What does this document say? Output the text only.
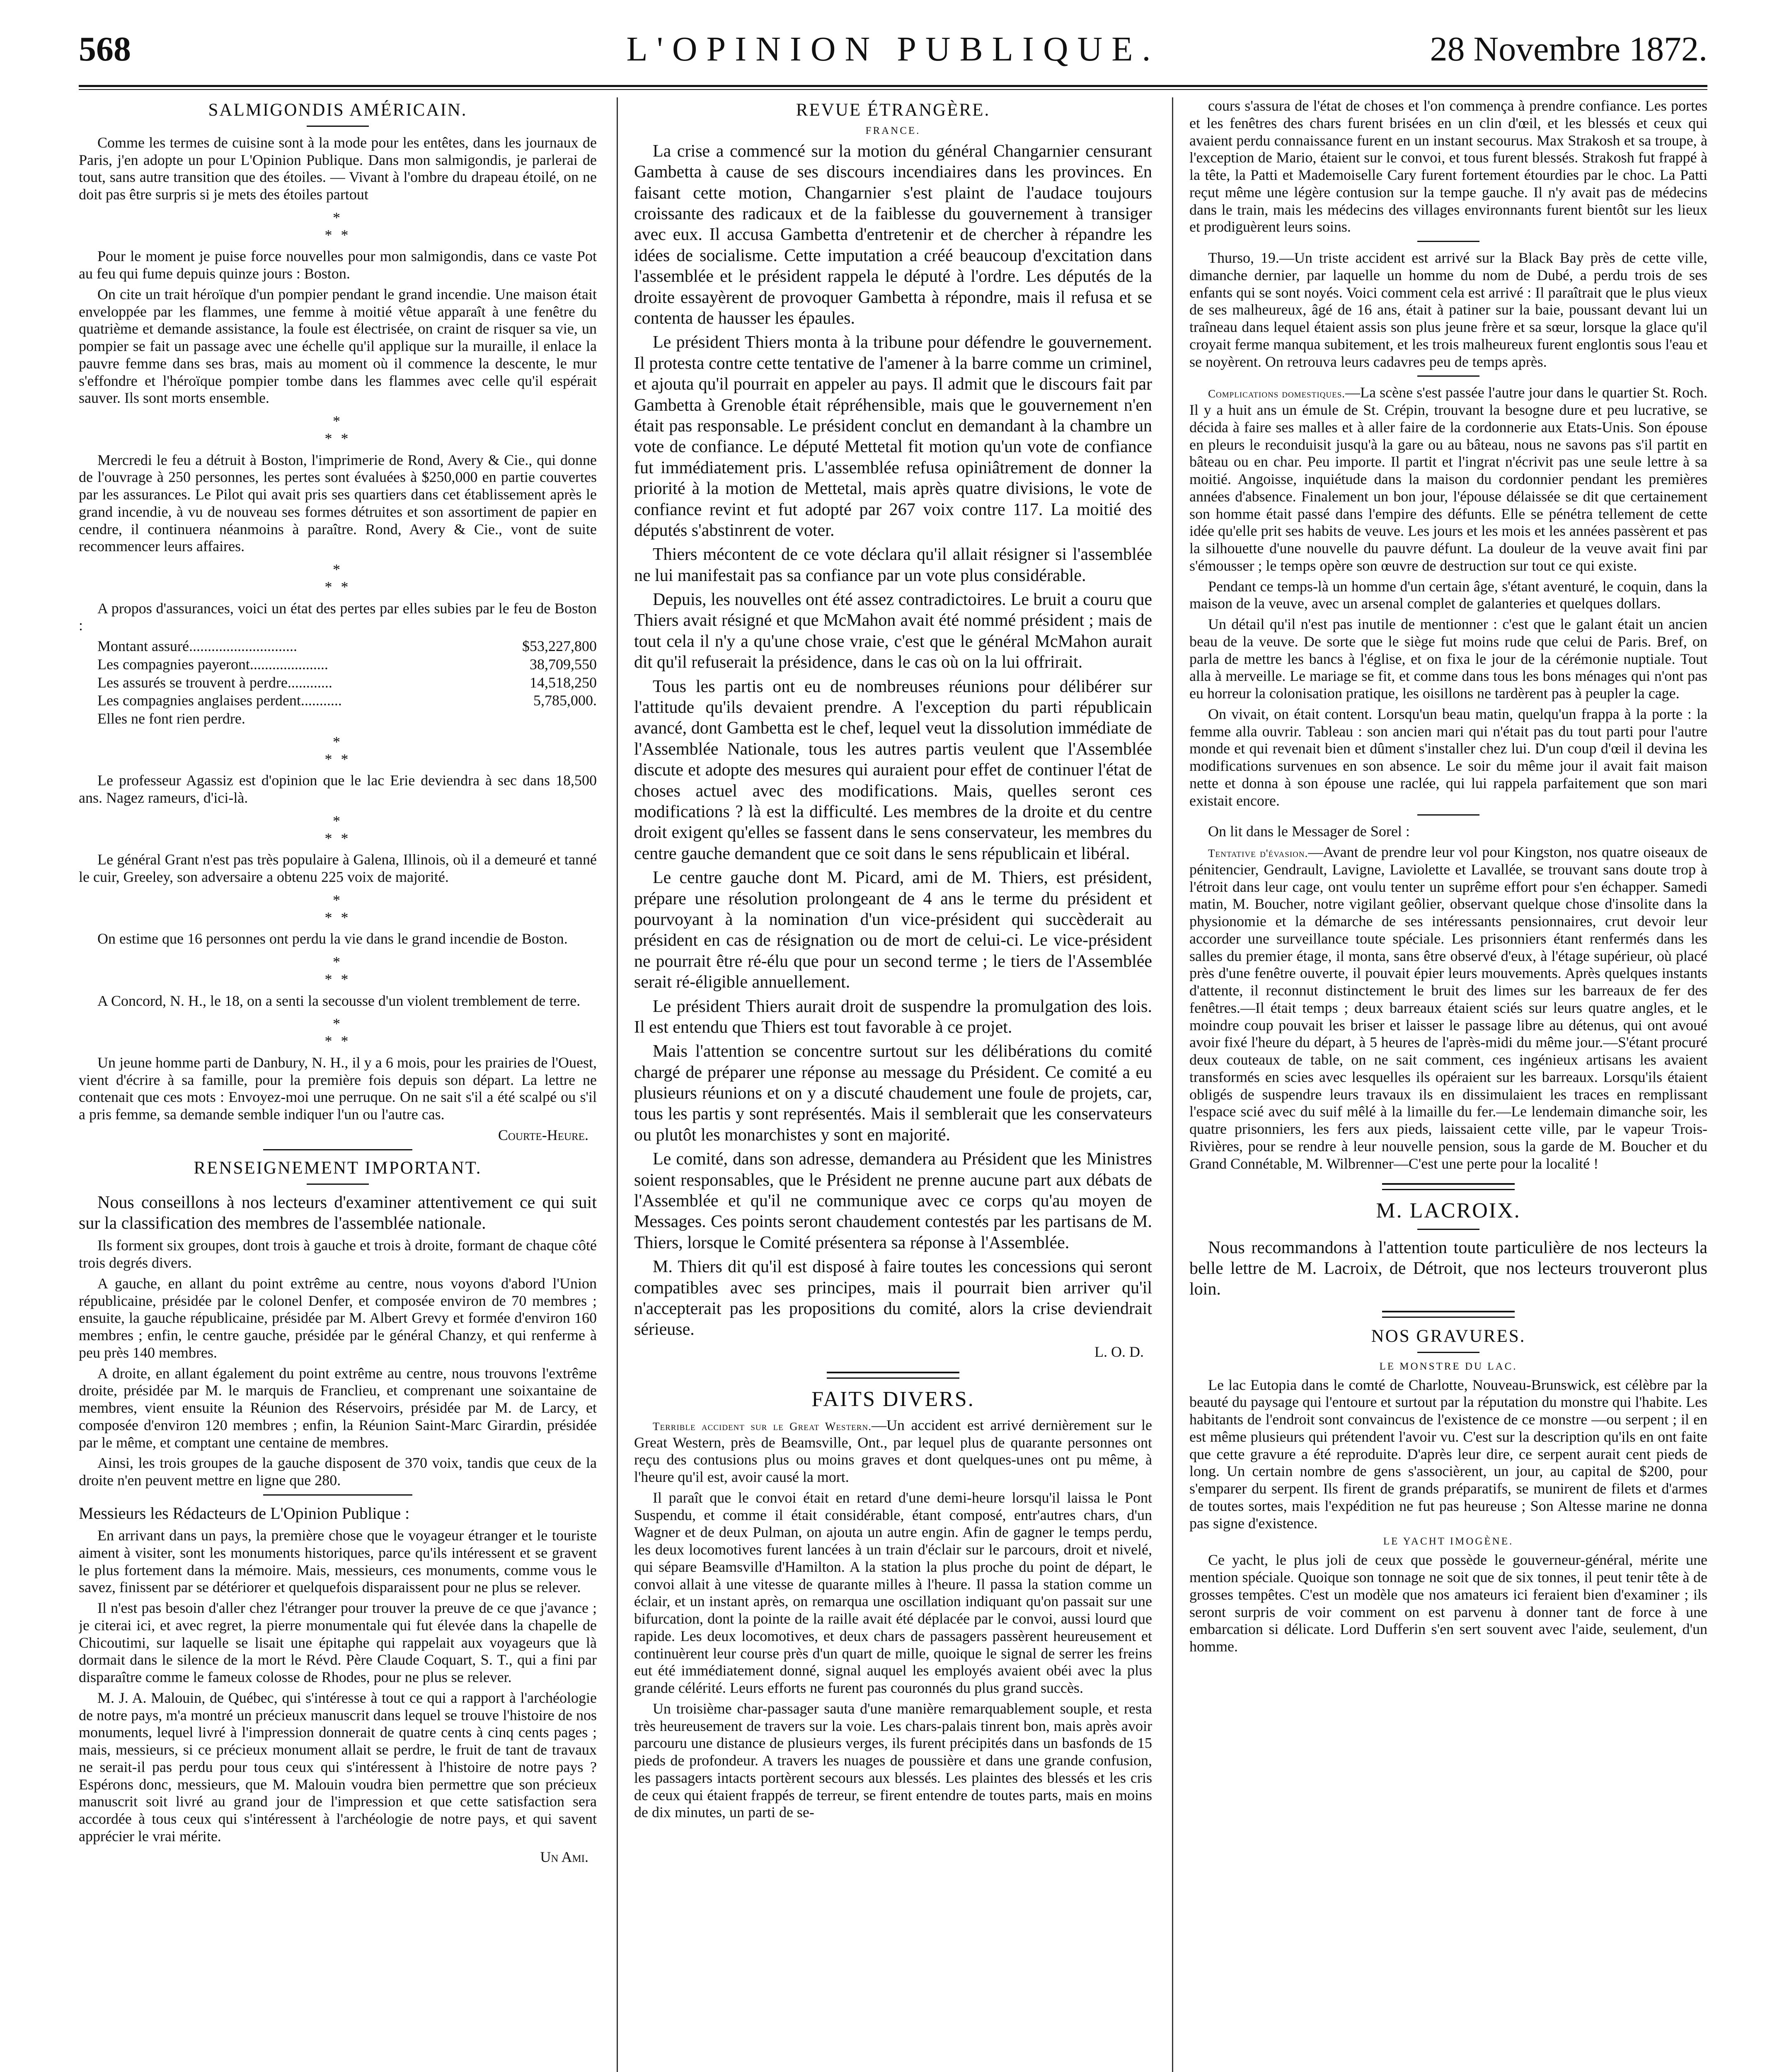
568	L'OPINION PUBLIQUE.	28 Novembre 1872.
SALMIGONDIS AMÉRICAIN.

Comme les termes de cuisine sont à la mode pour les entêtes, dans les journaux de Paris, j'en adopte un pour L'Opinion Publique. Dans mon salmigondis, je parlerai de tout, sans autre transition que des étoiles. — Vivant à l'ombre du drapeau étoilé, on ne doit pas être surpris si je mets des étoiles partout

*
* *

Pour le moment je puise force nouvelles pour mon salmigondis, dans ce vaste Pot au feu qui fume depuis quinze jours : Boston.

On cite un trait héroïque d'un pompier pendant le grand incendie. Une maison était enveloppée par les flammes, une femme à moitié vêtue apparaît à une fenêtre du quatrième et demande assistance, la foule est électrisée, on craint de risquer sa vie, un pompier se fait un passage avec une échelle qu'il applique sur la muraille, il enlace la pauvre femme dans ses bras, mais au moment où il commence la descente, le mur s'effondre et l'héroïque pompier tombe dans les flammes avec celle qu'il espérait sauver. Ils sont morts ensemble.

*
* *

Mercredi le feu a détruit à Boston, l'imprimerie de Rond, Avery & Cie., qui donne de l'ouvrage à 250 personnes, les pertes sont évaluées à $250,000 en partie couvertes par les assurances. Le Pilot qui avait pris ses quartiers dans cet établissement après le grand incendie, à vu de nouveau ses formes détruites et son assortiment de papier en cendre, il continuera néanmoins à paraître. Rond, Avery & Cie., vont de suite recommencer leurs affaires.

*
* *

A propos d'assurances, voici un état des pertes par elles subies par le feu de Boston :

Montant assuré.............................	$53,227,800
Les compagnies payeront.....................	38,709,550
Les assurés se trouvent à perdre............	14,518,250
Les compagnies anglaises perdent...........	5,785,000.

Elles ne font rien perdre.

*
* *

Le professeur Agassiz est d'opinion que le lac Erie deviendra à sec dans 18,500 ans. Nagez rameurs, d'ici-là.

*
* *

Le général Grant n'est pas très populaire à Galena, Illinois, où il a demeuré et tanné le cuir, Greeley, son adversaire a obtenu 225 voix de majorité.

*
* *

On estime que 16 personnes ont perdu la vie dans le grand incendie de Boston.

*
* *

A Concord, N. H., le 18, on a senti la secousse d'un violent tremblement de terre.

*
* *

Un jeune homme parti de Danbury, N. H., il y a 6 mois, pour les prairies de l'Ouest, vient d'écrire à sa famille, pour la première fois depuis son départ. La lettre ne contenait que ces mots : Envoyez-moi une perruque. On ne sait s'il a été scalpé ou s'il a pris femme, sa demande semble indiquer l'un ou l'autre cas.

Courte-Heure.
RENSEIGNEMENT IMPORTANT.

Nous conseillons à nos lecteurs d'examiner attentivement ce qui suit sur la classification des membres de l'assemblée nationale.

Ils forment six groupes, dont trois à gauche et trois à droite, formant de chaque côté trois degrés divers.

A gauche, en allant du point extrême au centre, nous voyons d'abord l'Union républicaine, présidée par le colonel Denfer, et composée environ de 70 membres ; ensuite, la gauche républicaine, présidée par M. Albert Grevy et formée d'environ 160 membres ; enfin, le centre gauche, présidée par le général Chanzy, et qui renferme à peu près 140 membres.

A droite, en allant également du point extrême au centre, nous trouvons l'extrême droite, présidée par M. le marquis de Franclieu, et comprenant une soixantaine de membres, vient ensuite la Réunion des Réservoirs, présidée par M. de Larcy, et composée d'environ 120 membres ; enfin, la Réunion Saint-Marc Girardin, présidée par le même, et comptant une centaine de membres.

Ainsi, les trois groupes de la gauche disposent de 370 voix, tandis que ceux de la droite n'en peuvent mettre en ligne que 280.

Messieurs les Rédacteurs de L'Opinion Publique :

En arrivant dans un pays, la première chose que le voyageur étranger et le touriste aiment à visiter, sont les monuments historiques, parce qu'ils intéressent et se gravent le plus fortement dans la mémoire. Mais, messieurs, ces monuments, comme vous le savez, finissent par se détériorer et quelquefois disparaissent pour ne plus se relever.

Il n'est pas besoin d'aller chez l'étranger pour trouver la preuve de ce que j'avance ; je citerai ici, et avec regret, la pierre monumentale qui fut élevée dans la chapelle de Chicoutimi, sur laquelle se lisait une épitaphe qui rappelait aux voyageurs que là dormait dans le silence de la mort le Révd. Père Claude Coquart, S. T., qui a fini par disparaître comme le fameux colosse de Rhodes, pour ne plus se relever.

M. J. A. Malouin, de Québec, qui s'intéresse à tout ce qui a rapport à l'archéologie de notre pays, m'a montré un précieux manuscrit dans lequel se trouve l'histoire de nos monuments, lequel livré à l'impression donnerait de quatre cents à cinq cents pages ; mais, messieurs, si ce précieux monument allait se perdre, le fruit de tant de travaux ne serait-il pas perdu pour tous ceux qui s'intéressent à l'histoire de notre pays ? Espérons donc, messieurs, que M. Malouin voudra bien permettre que son précieux manuscrit soit livré au grand jour de l'impression et que cette satisfaction sera accordée à tous ceux qui s'intéressent à l'archéologie de notre pays, et qui savent apprécier le vrai mérite.

Un Ami.
REVUE ÉTRANGÈRE.
FRANCE.

La crise a commencé sur la motion du général Changarnier censurant Gambetta à cause de ses discours incendiaires dans les provinces. En faisant cette motion, Changarnier s'est plaint de l'audace toujours croissante des radicaux et de la faiblesse du gouvernement à transiger avec eux. Il accusa Gambetta d'entretenir et de chercher à répandre les idées de socialisme. Cette imputation a créé beaucoup d'excitation dans l'assemblée et le président rappela le député à l'ordre. Les députés de la droite essayèrent de provoquer Gambetta à répondre, mais il refusa et se contenta de hausser les épaules.

Le président Thiers monta à la tribune pour défendre le gouvernement. Il protesta contre cette tentative de l'amener à la barre comme un criminel, et ajouta qu'il pourrait en appeler au pays. Il admit que le discours fait par Gambetta à Grenoble était répréhensible, mais que le gouvernement n'en était pas responsable. Le président conclut en demandant à la chambre un vote de confiance. Le député Mettetal fit motion qu'un vote de confiance fut immédiatement pris. L'assemblée refusa opiniâtrement de donner la priorité à la motion de Mettetal, mais après quatre divisions, le vote de confiance revint et fut adopté par 267 voix contre 117. La moitié des députés s'abstinrent de voter.

Thiers mécontent de ce vote déclara qu'il allait résigner si l'assemblée ne lui manifestait pas sa confiance par un vote plus considérable.

Depuis, les nouvelles ont été assez contradictoires. Le bruit a couru que Thiers avait résigné et que McMahon avait été nommé président ; mais de tout cela il n'y a qu'une chose vraie, c'est que le général McMahon aurait dit qu'il refuserait la présidence, dans le cas où on la lui offrirait.

Tous les partis ont eu de nombreuses réunions pour délibérer sur l'attitude qu'ils devaient prendre. A l'exception du parti républicain avancé, dont Gambetta est le chef, lequel veut la dissolution immédiate de l'Assemblée Nationale, tous les autres partis veulent que l'Assemblée discute et adopte des mesures qui auraient pour effet de continuer l'état de choses actuel avec des modifications. Mais, quelles seront ces modifications ? là est la difficulté. Les membres de la droite et du centre droit exigent qu'elles se fassent dans le sens conservateur, les membres du centre gauche demandent que ce soit dans le sens républicain et libéral.

Le centre gauche dont M. Picard, ami de M. Thiers, est président, prépare une résolution prolongeant de 4 ans le terme du président et pourvoyant à la nomination d'un vice-président qui succèderait au président en cas de résignation ou de mort de celui-ci. Le vice-président ne pourrait être ré-élu que pour un second terme ; le tiers de l'Assemblée serait ré-éligible annuellement.

Le président Thiers aurait droit de suspendre la promulgation des lois. Il est entendu que Thiers est tout favorable à ce projet.

Mais l'attention se concentre surtout sur les délibérations du comité chargé de préparer une réponse au message du Président. Ce comité a eu plusieurs réunions et on y a discuté chaudement une foule de projets, car, tous les partis y sont représentés. Mais il semblerait que les conservateurs ou plutôt les monarchistes y sont en majorité.

Le comité, dans son adresse, demandera au Président que les Ministres soient responsables, que le Président ne prenne aucune part aux débats de l'Assemblée et qu'il ne communique avec ce corps qu'au moyen de Messages. Ces points seront chaudement contestés par les partisans de M. Thiers, lorsque le Comité présentera sa réponse à l'Assemblée.

M. Thiers dit qu'il est disposé à faire toutes les concessions qui seront compatibles avec ses principes, mais il pourrait bien arriver qu'il n'accepterait pas les propositions du comité, alors la crise deviendrait sérieuse.

L. O. D.
FAITS DIVERS.

Terrible accident sur le Great Western.—Un accident est arrivé dernièrement sur le Great Western, près de Beamsville, Ont., par lequel plus de quarante personnes ont reçu des contusions plus ou moins graves et dont quelques-unes ont pu même, à l'heure qu'il est, avoir causé la mort.

Il paraît que le convoi était en retard d'une demi-heure lorsqu'il laissa le Pont Suspendu, et comme il était considérable, étant composé, entr'autres chars, d'un Wagner et de deux Pulman, on ajouta un autre engin. Afin de gagner le temps perdu, les deux locomotives furent lancées à un train d'éclair sur le parcours, droit et nivelé, qui sépare Beamsville d'Hamilton. A la station la plus proche du point de départ, le convoi allait à une vitesse de quarante milles à l'heure. Il passa la station comme un éclair, et un instant après, on remarqua une oscillation indiquant qu'on passait sur une bifurcation, dont la pointe de la raille avait été déplacée par le convoi, aussi lourd que rapide. Les deux locomotives, et deux chars de passagers passèrent heureusement et continuèrent leur course près d'un quart de mille, quoique le signal de serrer les freins eut été immédiatement donné, signal auquel les employés avaient obéi avec la plus grande célérité. Leurs efforts ne furent pas couronnés du plus grand succès.

Un troisième char-passager sauta d'une manière remarquablement souple, et resta très heureusement de travers sur la voie. Les chars-palais tinrent bon, mais après avoir parcouru une distance de plusieurs verges, ils furent précipités dans un basfonds de 15 pieds de profondeur. A travers les nuages de poussière et dans une grande confusion, les passagers intacts portèrent secours aux blessés. Les plaintes des blessés et les cris de ceux qui étaient frappés de terreur, se firent entendre de toutes parts, mais en moins de dix minutes, un parti de se-

cours s'assura de l'état de choses et l'on commença à prendre confiance. Les portes et les fenêtres des chars furent brisées en un clin d'œil, et les blessés et ceux qui avaient perdu connaissance furent en un instant secourus. Max Strakosh et sa troupe, à l'exception de Mario, étaient sur le convoi, et tous furent blessés. Strakosh fut frappé à la tête, la Patti et Mademoiselle Cary furent fortement étourdies par le choc. La Patti reçut même une légère contusion sur la tempe gauche. Il n'y avait pas de médecins dans le train, mais les médecins des villages environnants furent bientôt sur les lieux et prodiguèrent leurs soins.

Thurso, 19.—Un triste accident est arrivé sur la Black Bay près de cette ville, dimanche dernier, par laquelle un homme du nom de Dubé, a perdu trois de ses enfants qui se sont noyés. Voici comment cela est arrivé : Il paraîtrait que le plus vieux de ses malheureux, âgé de 16 ans, était à patiner sur la baie, poussant devant lui un traîneau dans lequel étaient assis son plus jeune frère et sa sœur, lorsque la glace qu'il croyait ferme manqua subitement, et les trois malheureux furent englontis sous l'eau et se noyèrent. On retrouva leurs cadavres peu de temps après.

Complications domestiques.—La scène s'est passée l'autre jour dans le quartier St. Roch. Il y a huit ans un émule de St. Crépin, trouvant la besogne dure et peu lucrative, se décida à faire ses malles et à aller faire de la cordonnerie aux Etats-Unis. Son épouse en pleurs le reconduisit jusqu'à la gare ou au bâteau, nous ne savons pas s'il partit en bâteau ou en char. Peu importe. Il partit et l'ingrat n'écrivit pas une seule lettre à sa moitié. Angoisse, inquiétude dans la maison du cordonnier pendant les premières années d'absence. Finalement un bon jour, l'épouse délaissée se dit que certainement son homme était passé dans l'empire des défunts. Elle se pénétra tellement de cette idée qu'elle prit ses habits de veuve. Les jours et les mois et les années passèrent et pas la silhouette d'une nouvelle du pauvre défunt. La douleur de la veuve avait fini par s'émousser ; le temps opère son œuvre de destruction sur tout ce qui existe.

Pendant ce temps-là un homme d'un certain âge, s'étant aventuré, le coquin, dans la maison de la veuve, avec un arsenal complet de galanteries et quelques dollars.

Un détail qu'il n'est pas inutile de mentionner : c'est que le galant était un ancien beau de la veuve. De sorte que le siège fut moins rude que celui de Paris. Bref, on parla de mettre les bancs à l'église, et on fixa le jour de la cérémonie nuptiale. Tout alla à merveille. Le mariage se fit, et comme dans tous les bons ménages qui n'ont pas eu horreur la colonisation pratique, les oisillons ne tardèrent pas à peupler la cage.

On vivait, on était content. Lorsqu'un beau matin, quelqu'un frappa à la porte : la femme alla ouvrir. Tableau : son ancien mari qui n'était pas du tout parti pour l'autre monde et qui revenait bien et dûment s'installer chez lui. D'un coup d'œil il devina les modifications survenues en son absence. Le soir du même jour il avait fait maison nette et donna à son épouse une raclée, qui lui rappela parfaitement que son mari existait encore.

On lit dans le Messager de Sorel :

Tentative d'évasion.—Avant de prendre leur vol pour Kingston, nos quatre oiseaux de pénitencier, Gendrault, Lavigne, Laviolette et Lavallée, se trouvant sans doute trop à l'étroit dans leur cage, ont voulu tenter un suprême effort pour s'en échapper. Samedi matin, M. Boucher, notre vigilant geôlier, observant quelque chose d'insolite dans la physionomie et la démarche de ses intéressants pensionnaires, crut devoir leur accorder une surveillance toute spéciale. Les prisonniers étant renfermés dans les salles du premier étage, il monta, sans être observé d'eux, à l'étage supérieur, où placé près d'une fenêtre ouverte, il pouvait épier leurs mouvements. Après quelques instants d'attente, il reconnut distinctement le bruit des limes sur les barreaux de fer des fenêtres.—Il était temps ; deux barreaux étaient sciés sur leurs quatre angles, et le moindre coup pouvait les briser et laisser le passage libre au détenus, qui ont avoué avoir fixé l'heure du départ, à 5 heures de l'après-midi du même jour.—S'étant procuré deux couteaux de table, on ne sait comment, ces ingénieux artisans les avaient transformés en scies avec lesquelles ils opéraient sur les barreaux. Lorsqu'ils étaient obligés de suspendre leurs travaux ils en dissimulaient les traces en remplissant l'espace scié avec du suif mêlé à la limaille du fer.—Le lendemain dimanche soir, les quatre prisonniers, les fers aux pieds, laissaient cette ville, par le vapeur Trois-Rivières, pour se rendre à leur nouvelle pension, sous la garde de M. Boucher et du Grand Connétable, M. Wilbrenner—C'est une perte pour la localité !

M. LACROIX.

Nous recommandons à l'attention toute particulière de nos lecteurs la belle lettre de M. Lacroix, de Détroit, que nos lecteurs trouveront plus loin.

NOS GRAVURES.
LE MONSTRE DU LAC.

Le lac Eutopia dans le comté de Charlotte, Nouveau-Brunswick, est célèbre par la beauté du paysage qui l'entoure et surtout par la réputation du monstre qui l'habite. Les habitants de l'endroit sont convaincus de l'existence de ce monstre —ou serpent ; il en est même plusieurs qui prétendent l'avoir vu. C'est sur la description qu'ils en ont faite que cette gravure a été reproduite. D'après leur dire, ce serpent aurait cent pieds de long. Un certain nombre de gens s'associèrent, un jour, au capital de $200, pour s'emparer du serpent. Ils firent de grands préparatifs, se munirent de filets et d'armes de toutes sortes, mais l'expédition ne fut pas heureuse ; Son Altesse marine ne donna pas signe d'existence.

LE YACHT IMOGÈNE.

Ce yacht, le plus joli de ceux que possède le gouverneur-général, mérite une mention spéciale. Quoique son tonnage ne soit que de six tonnes, il peut tenir tête à de grosses tempêtes. C'est un modèle que nos amateurs ici feraient bien d'examiner ; ils seront surpris de voir comment on est parvenu à donner tant de force à une embarcation si délicate. Lord Dufferin s'en sert souvent avec l'aide, seulement, d'un homme.
